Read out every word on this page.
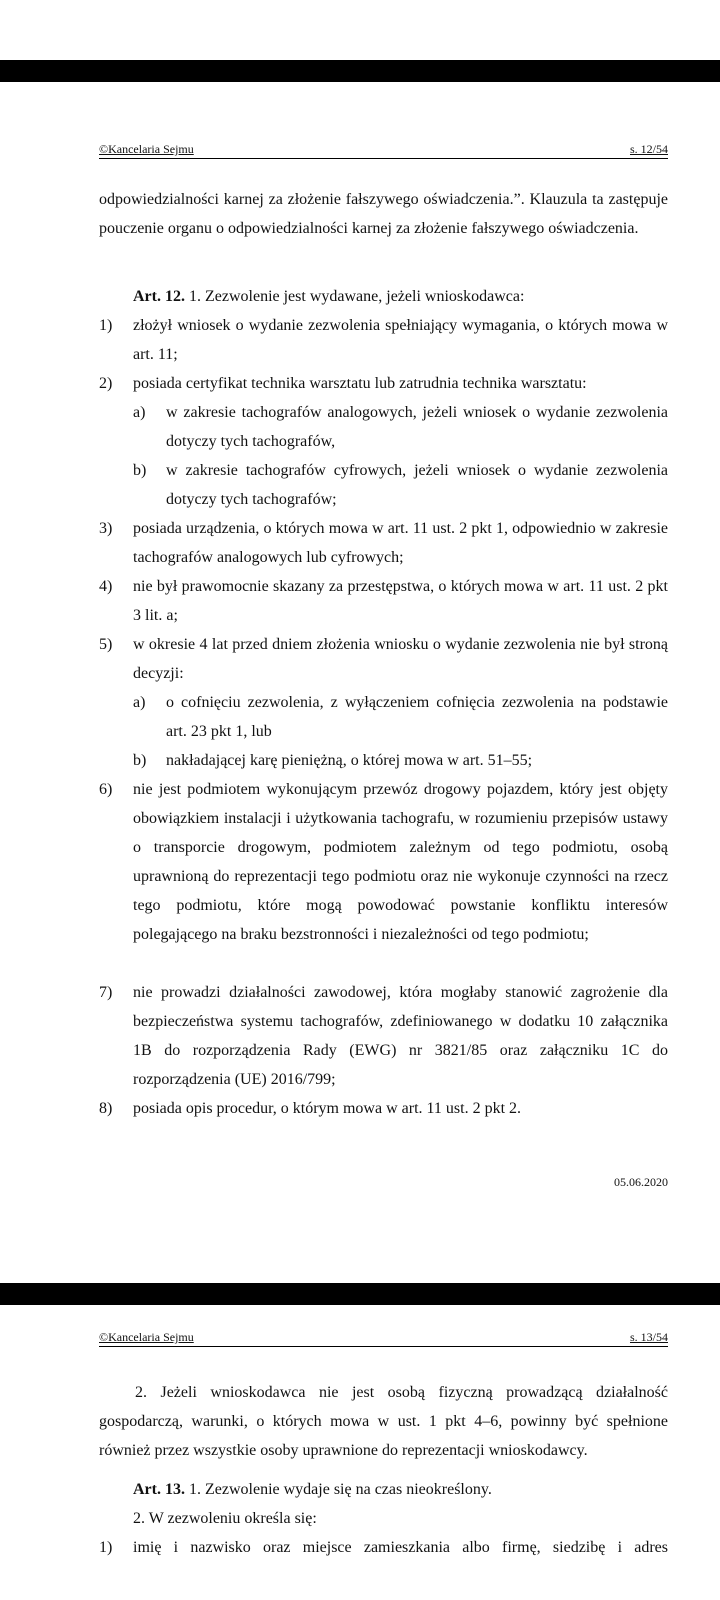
©Kancelaria Sejmu	s. 12/54
odpowiedzialności karnej za złożenie fałszywego oświadczenia.”. Klauzula ta zastępuje pouczenie organu o odpowiedzialności karnej za złożenie fałszywego oświadczenia.
Art. 12. 1. Zezwolenie jest wydawane, jeżeli wnioskodawca:
1)	złożył wniosek o wydanie zezwolenia spełniający wymagania, o których mowa w art. 11;
2)	posiada certyfikat technika warsztatu lub zatrudnia technika warsztatu:
a)	w zakresie tachografów analogowych, jeżeli wniosek o wydanie zezwolenia dotyczy tych tachografów,
b)	w zakresie tachografów cyfrowych, jeżeli wniosek o wydanie zezwolenia dotyczy tych tachografów;
3)	posiada urządzenia, o których mowa w art. 11 ust. 2 pkt 1, odpowiednio w zakresie tachografów analogowych lub cyfrowych;
4)	nie był prawomocnie skazany za przestępstwa, o których mowa w art. 11 ust. 2 pkt 3 lit. a;
5)	w okresie 4 lat przed dniem złożenia wniosku o wydanie zezwolenia nie był stroną decyzji:
a)	o cofnięciu zezwolenia, z wyłączeniem cofnięcia zezwolenia na podstawie art. 23 pkt 1, lub
b)	nakładającej karę pieniężną, o której mowa w art. 51–55;
6)	nie jest podmiotem wykonującym przewóz drogowy pojazdem, który jest objęty obowiązkiem instalacji i użytkowania tachografu, w rozumieniu przepisów ustawy o transporcie drogowym, podmiotem zależnym od tego podmiotu, osobą uprawnioną do reprezentacji tego podmiotu oraz nie wykonuje czynności na rzecz tego podmiotu, które mogą powodować powstanie konfliktu interesów polegającego na braku bezstronności i niezależności od tego podmiotu;
7)	nie prowadzi działalności zawodowej, która mogłaby stanowić zagrożenie dla bezpieczeństwa systemu tachografów, zdefiniowanego w dodatku 10 załącznika 1B do rozporządzenia Rady (EWG) nr 3821/85 oraz załączniku 1C do rozporządzenia (UE) 2016/799;
8)	posiada opis procedur, o którym mowa w art. 11 ust. 2 pkt 2.
05.06.2020
©Kancelaria Sejmu	s. 13/54
2. Jeżeli wnioskodawca nie jest osobą fizyczną prowadzącą działalność gospodarczą, warunki, o których mowa w ust. 1 pkt 4–6, powinny być spełnione również przez wszystkie osoby uprawnione do reprezentacji wnioskodawcy.
Art. 13. 1. Zezwolenie wydaje się na czas nieokreślony.
2. W zezwoleniu określa się:
1)	imię i nazwisko oraz miejsce zamieszkania albo firmę, siedzibę i adres
